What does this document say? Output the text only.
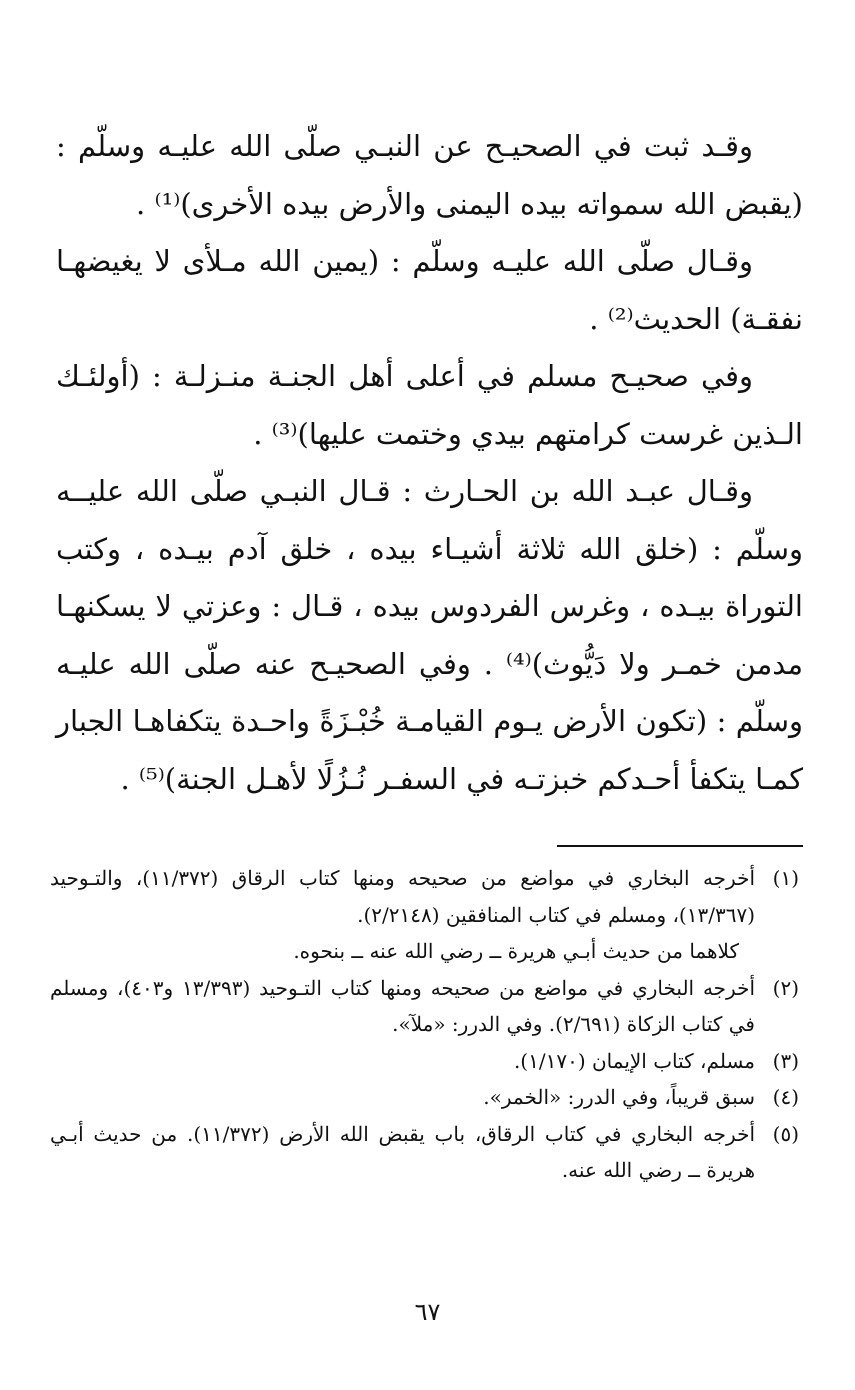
وقـد ثبت في الصحيـح عن النبـي صلّى الله عليـه وسلّم : (يقبض الله سمواته بيده اليمنى والأرض بيده الأخرى)⁽¹⁾ .

وقـال صلّى الله عليـه وسلّم : (يمين الله مـلأى لا يغيضهـا نفقـة) الحديث⁽²⁾ .

وفي صحيـح مسلم في أعلى أهل الجنـة منـزلـة : (أولئـك الـذين غرست كرامتهم بيدي وختمت عليها)⁽³⁾ .

وقـال عبـد الله بن الحـارث : قـال النبـي صلّى الله عليــه وسلّم : (خلق الله ثلاثة أشيـاء بيده ، خلق آدم بيـده ، وكتب التوراة بيـده ، وغرس الفردوس بيده ، قـال : وعزتي لا يسكنهـا مدمن خمـر ولا دَيُّوث)⁽⁴⁾ . وفي الصحيـح عنه صلّى الله عليـه وسلّم : (تكون الأرض يـوم القيامـة خُبْـزَةً واحـدة يتكفاهـا الجبار كمـا يتكفأ أحـدكم خبزتـه في السفـر نُـزُلًا لأهـل الجنة)⁽⁵⁾ .

(١)
أخرجه البخاري في مواضع من صحيحه ومنها كتاب الرقاق (١١/٣٧٢)، والتـوحيد (١٣/٣٦٧)، ومسلم في كتاب المنافقين (٢/٢١٤٨).
كلاهما من حديث أبـي هريرة ــ رضي الله عنه ــ بنحوه.
(٢)
أخرجه البخاري في مواضع من صحيحه ومنها كتاب التـوحيد (١٣/٣٩٣ و٤٠٣)، ومسلم في كتاب الزكاة (٢/٦٩١). وفي الدرر: «ملآ».
(٣)
مسلم، كتاب الإيمان (١/١٧٠).
(٤)
سبق قريباً، وفي الدرر: «الخمر».
(٥)
أخرجه البخاري في كتاب الرقاق، باب يقبض الله الأرض (١١/٣٧٢). من حديث أبـي هريرة ــ رضي الله عنه.
٦٧
